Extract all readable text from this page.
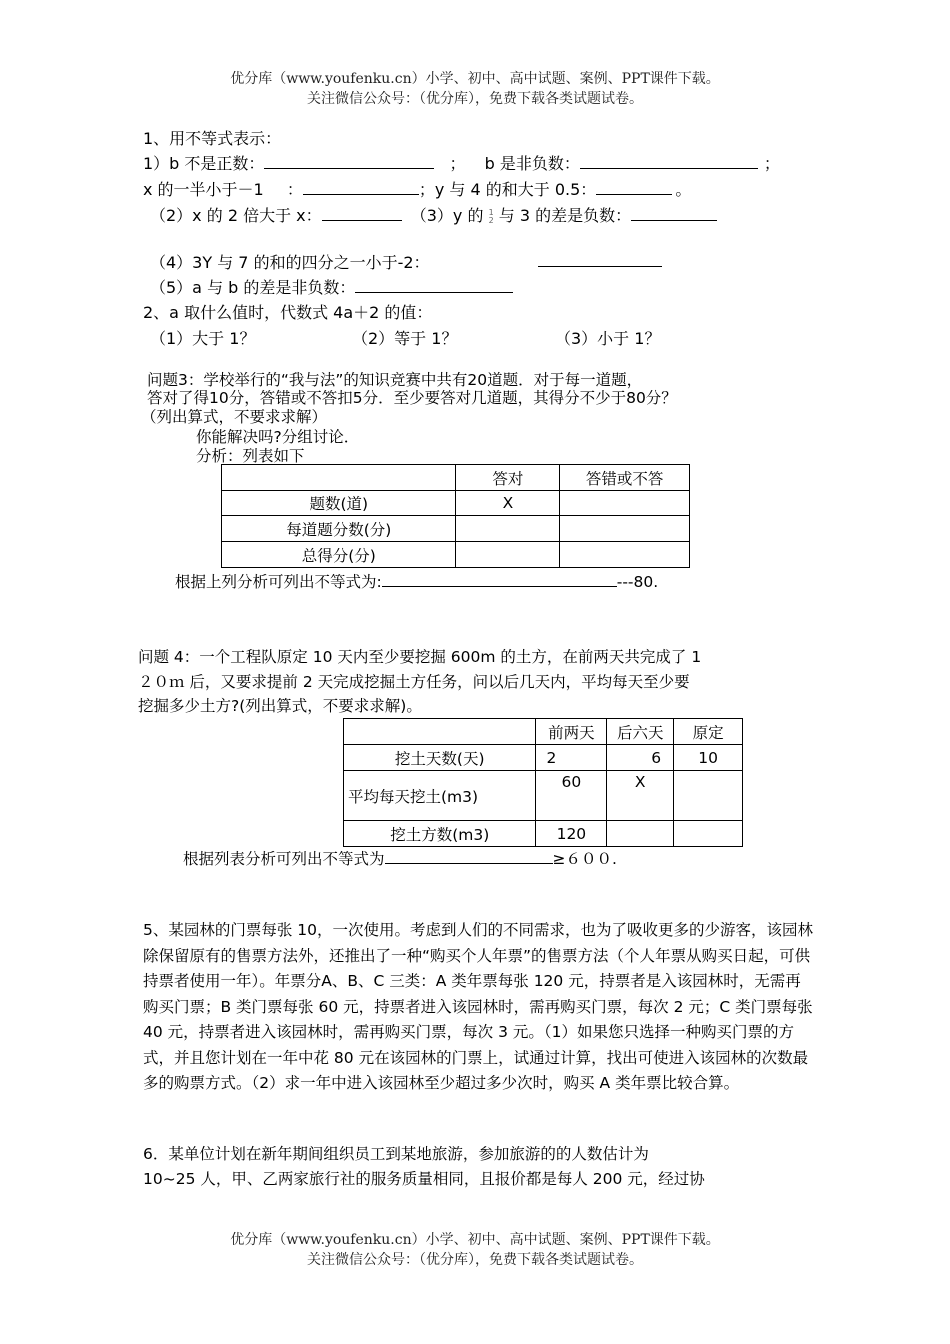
优分库（www.youfenku.cn）小学、初中、高中试题、案例、PPT课件下载。
关注微信公众号：（优分库），免费下载各类试题试卷。
1、用不等式表示：
1）b 不是正数：	； b 是非负数：	；
x 的一半小于－1 ：	；y 与 4 的和大于 0.5：	。
（2）x 的 2 倍大于 x：	（3）y 的 1
2 与 3 的差是负数：
（4）3Y 与 7 的和的四分之一小于-2：
（5）a 与 b 的差是非负数：
2、a 取什么值时，代数式 4a＋2 的值：
（1）大于 1？	（2）等于 1？	（3）小于 1？
问题3：学校举行的“我与法”的知识竞赛中共有20道题．对于每一道题，
答对了得10分，答错或不答扣5分．至少要答对几道题，其得分不少于80分？
（列出算式，不要求求解）
你能解决吗?分组讨论．
分析：列表如下
	答对	答错或不答
题数(道)	X	
每道题分数(分)		
总得分(分)		
根据上列分析可列出不等式为:	---80.
问题 4：一个工程队原定 10 天内至少要挖掘 600m 的土方，在前两天共完成了 1
２０ｍ 后，又要求提前 2 天完成挖掘土方任务，问以后几天内，平均每天至少要
挖掘多少土方?(列出算式，不要求求解)。
	前两天	后六天	原定
挖土天数(天)	2	6	10
平均每天挖土(m3)	60	X	
挖土方数(m3)	120		
根据列表分析可列出不等式为	≥６００.
5、某园林的门票每张 10，一次使用。考虑到人们的不同需求，也为了吸收更多的少游客，该园林除保留原有的售票方法外，还推出了一种“购买个人年票”的售票方法（个人年票从购买日起，可供持票者使用一年）。年票分A、B、C 三类：A 类年票每张 120 元，持票者是入该园林时，无需再购买门票；B 类门票每张 60 元，持票者进入该园林时，需再购买门票，每次 2 元；C 类门票每张 40 元，持票者进入该园林时，需再购买门票，每次 3 元。（1）如果您只选择一种购买门票的方式，并且您计划在一年中花 80 元在该园林的门票上，试通过计算，找出可使进入该园林的次数最多的购票方式。（2）求一年中进入该园林至少超过多少次时，购买 A 类年票比较合算。
6．某单位计划在新年期间组织员工到某地旅游，参加旅游的的人数估计为
10~25 人，甲、乙两家旅行社的服务质量相同，且报价都是每人 200 元，经过协
优分库（www.youfenku.cn）小学、初中、高中试题、案例、PPT课件下载。
关注微信公众号：（优分库），免费下载各类试题试卷。
